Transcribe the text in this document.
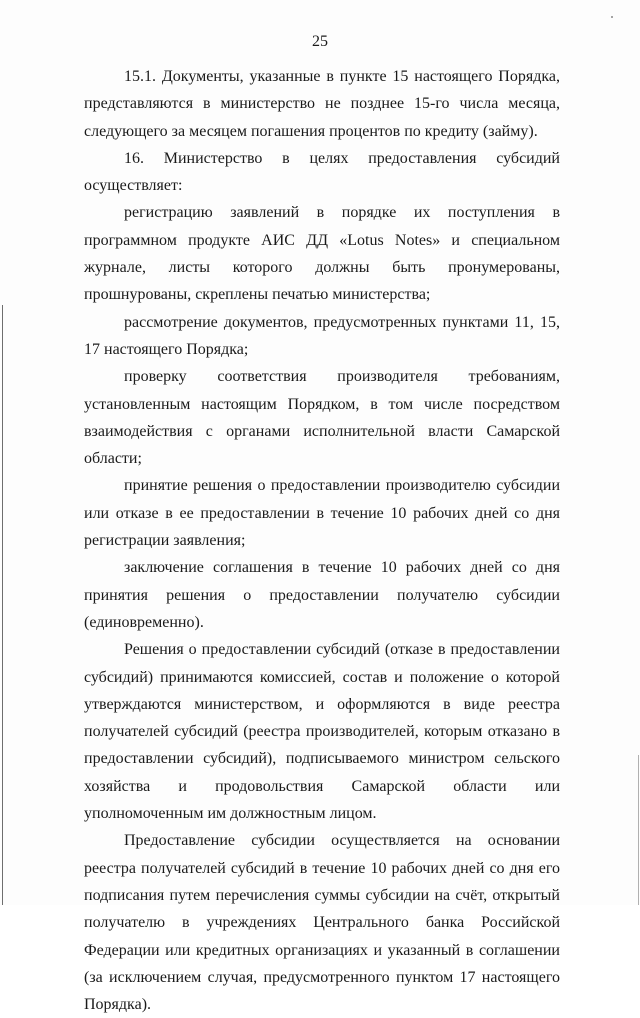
25

15.1. Документы, указанные в пункте 15 настоящего Порядка, представляются в министерство не позднее 15-го числа месяца, следующего за месяцем погашения процентов по кредиту (займу).

16. Министерство в целях предоставления субсидий осуществляет:

регистрацию заявлений в порядке их поступления в программном продукте АИС ДД «Lotus Notes» и специальном журнале, листы которого должны быть пронумерованы, прошнурованы, скреплены печатью министерства;

рассмотрение документов, предусмотренных пунктами 11, 15, 17 настоящего Порядка;

проверку соответствия производителя требованиям, установленным настоящим Порядком, в том числе посредством взаимодействия с органами исполнительной власти Самарской области;

принятие решения о предоставлении производителю субсидии или отказе в ее предоставлении в течение 10 рабочих дней со дня регистрации заявления;

заключение соглашения в течение 10 рабочих дней со дня принятия решения о предоставлении получателю субсидии (единовременно).

Решения о предоставлении субсидий (отказе в предоставлении субсидий) принимаются комиссией, состав и положение о которой утверждаются министерством, и оформляются в виде реестра получателей субсидий (реестра производителей, которым отказано в предоставлении субсидий), подписываемого министром сельского хозяйства и продовольствия Самарской области или уполномоченным им должностным лицом.

Предоставление субсидии осуществляется на основании реестра получателей субсидий в течение 10 рабочих дней со дня его подписания путем перечисления суммы субсидии на счёт, открытый получателю в учреждениях Центрального банка Российской Федерации или кредитных организациях и указанный в соглашении (за исключением случая, предусмотренного пунктом 17 настоящего Порядка).
